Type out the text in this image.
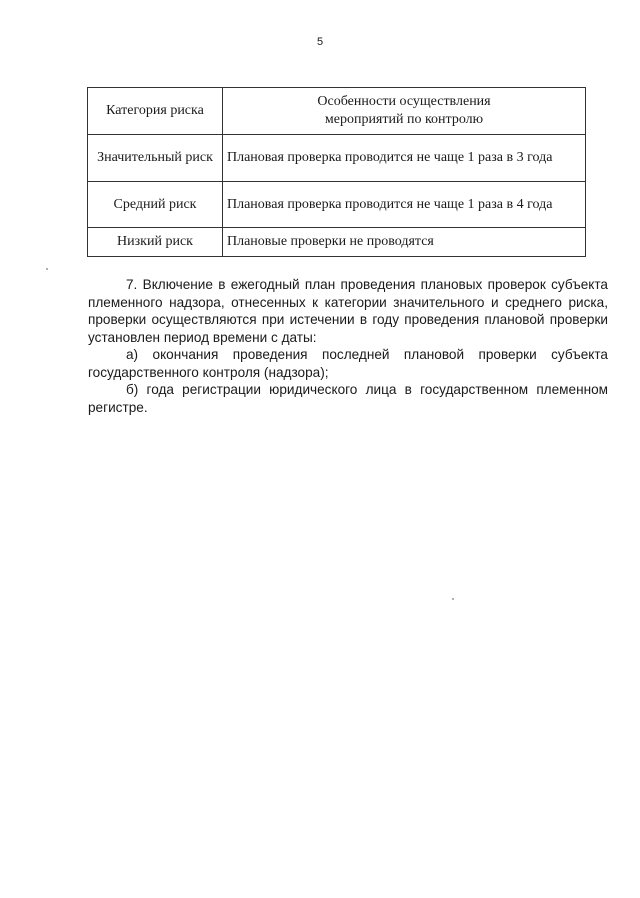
5
Категория риска	Особенности осуществления
мероприятий по контролю
Значительный риск	Плановая проверка проводится не чаще 1 раза в 3 года
Средний риск	Плановая проверка проводится не чаще 1 раза в 4 года
Низкий риск	Плановые проверки не проводятся

7. Включение в ежегодный план проведения плановых проверок субъекта племенного надзора, отнесенных к категории значительного и среднего риска, проверки осуществляются при истечении в году проведения плановой проверки установлен период времени с даты:

а) окончания проведения последней плановой проверки субъекта государственного контроля (надзора);

б) года регистрации юридического лица в государственном племенном регистре.
